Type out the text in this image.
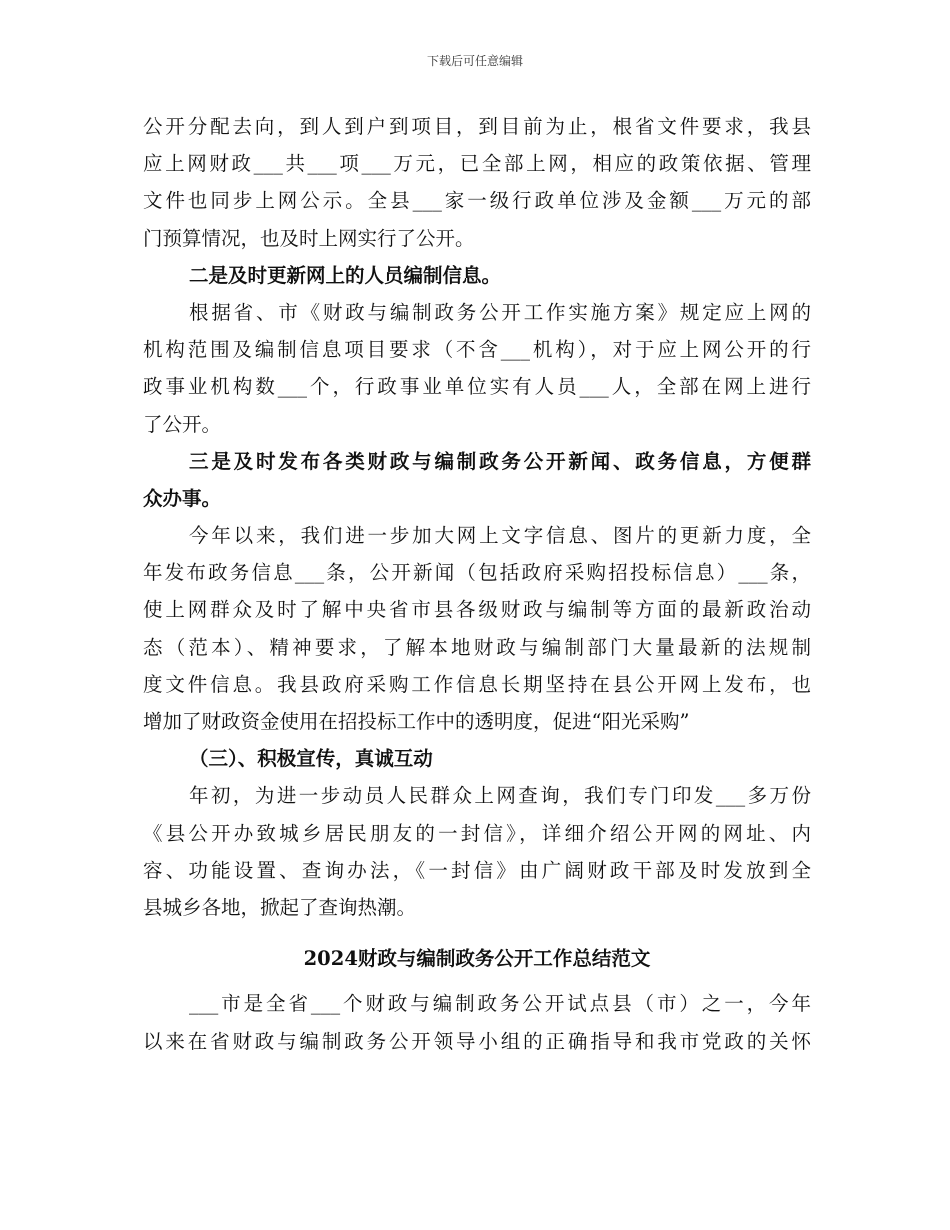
下载后可任意编辑
公开分配去向，到人到户到项目，到目前为止，根省文件要求，我县
应上网财政___共___项___万元，已全部上网，相应的政策依据、管理
文件也同步上网公示。全县___家一级行政单位涉及金额___万元的部
门预算情况，也及时上网实行了公开。
二是及时更新网上的人员编制信息。
根据省、市《财政与编制政务公开工作实施方案》规定应上网的
机构范围及编制信息项目要求（不含___机构），对于应上网公开的行
政事业机构数___个，行政事业单位实有人员___人，全部在网上进行
了公开。
三是及时发布各类财政与编制政务公开新闻、政务信息，方便群
众办事。
今年以来，我们进一步加大网上文字信息、图片的更新力度，全
年发布政务信息___条，公开新闻（包括政府采购招投标信息）___条，
使上网群众及时了解中央省市县各级财政与编制等方面的最新政治动
态（范本）、精神要求，了解本地财政与编制部门大量最新的法规制
度文件信息。我县政府采购工作信息长期坚持在县公开网上发布，也
增加了财政资金使用在招投标工作中的透明度，促进“阳光采购”
（三）、积极宣传，真诚互动
年初，为进一步动员人民群众上网查询，我们专门印发___多万份
《县公开办致城乡居民朋友的一封信》，详细介绍公开网的网址、内
容、功能设置、查询办法，《一封信》由广阔财政干部及时发放到全
县城乡各地，掀起了查询热潮。
2024财政与编制政务公开工作总结范文
___市是全省___个财政与编制政务公开试点县（市）之一，今年
以来在省财政与编制政务公开领导小组的正确指导和我市党政的关怀
